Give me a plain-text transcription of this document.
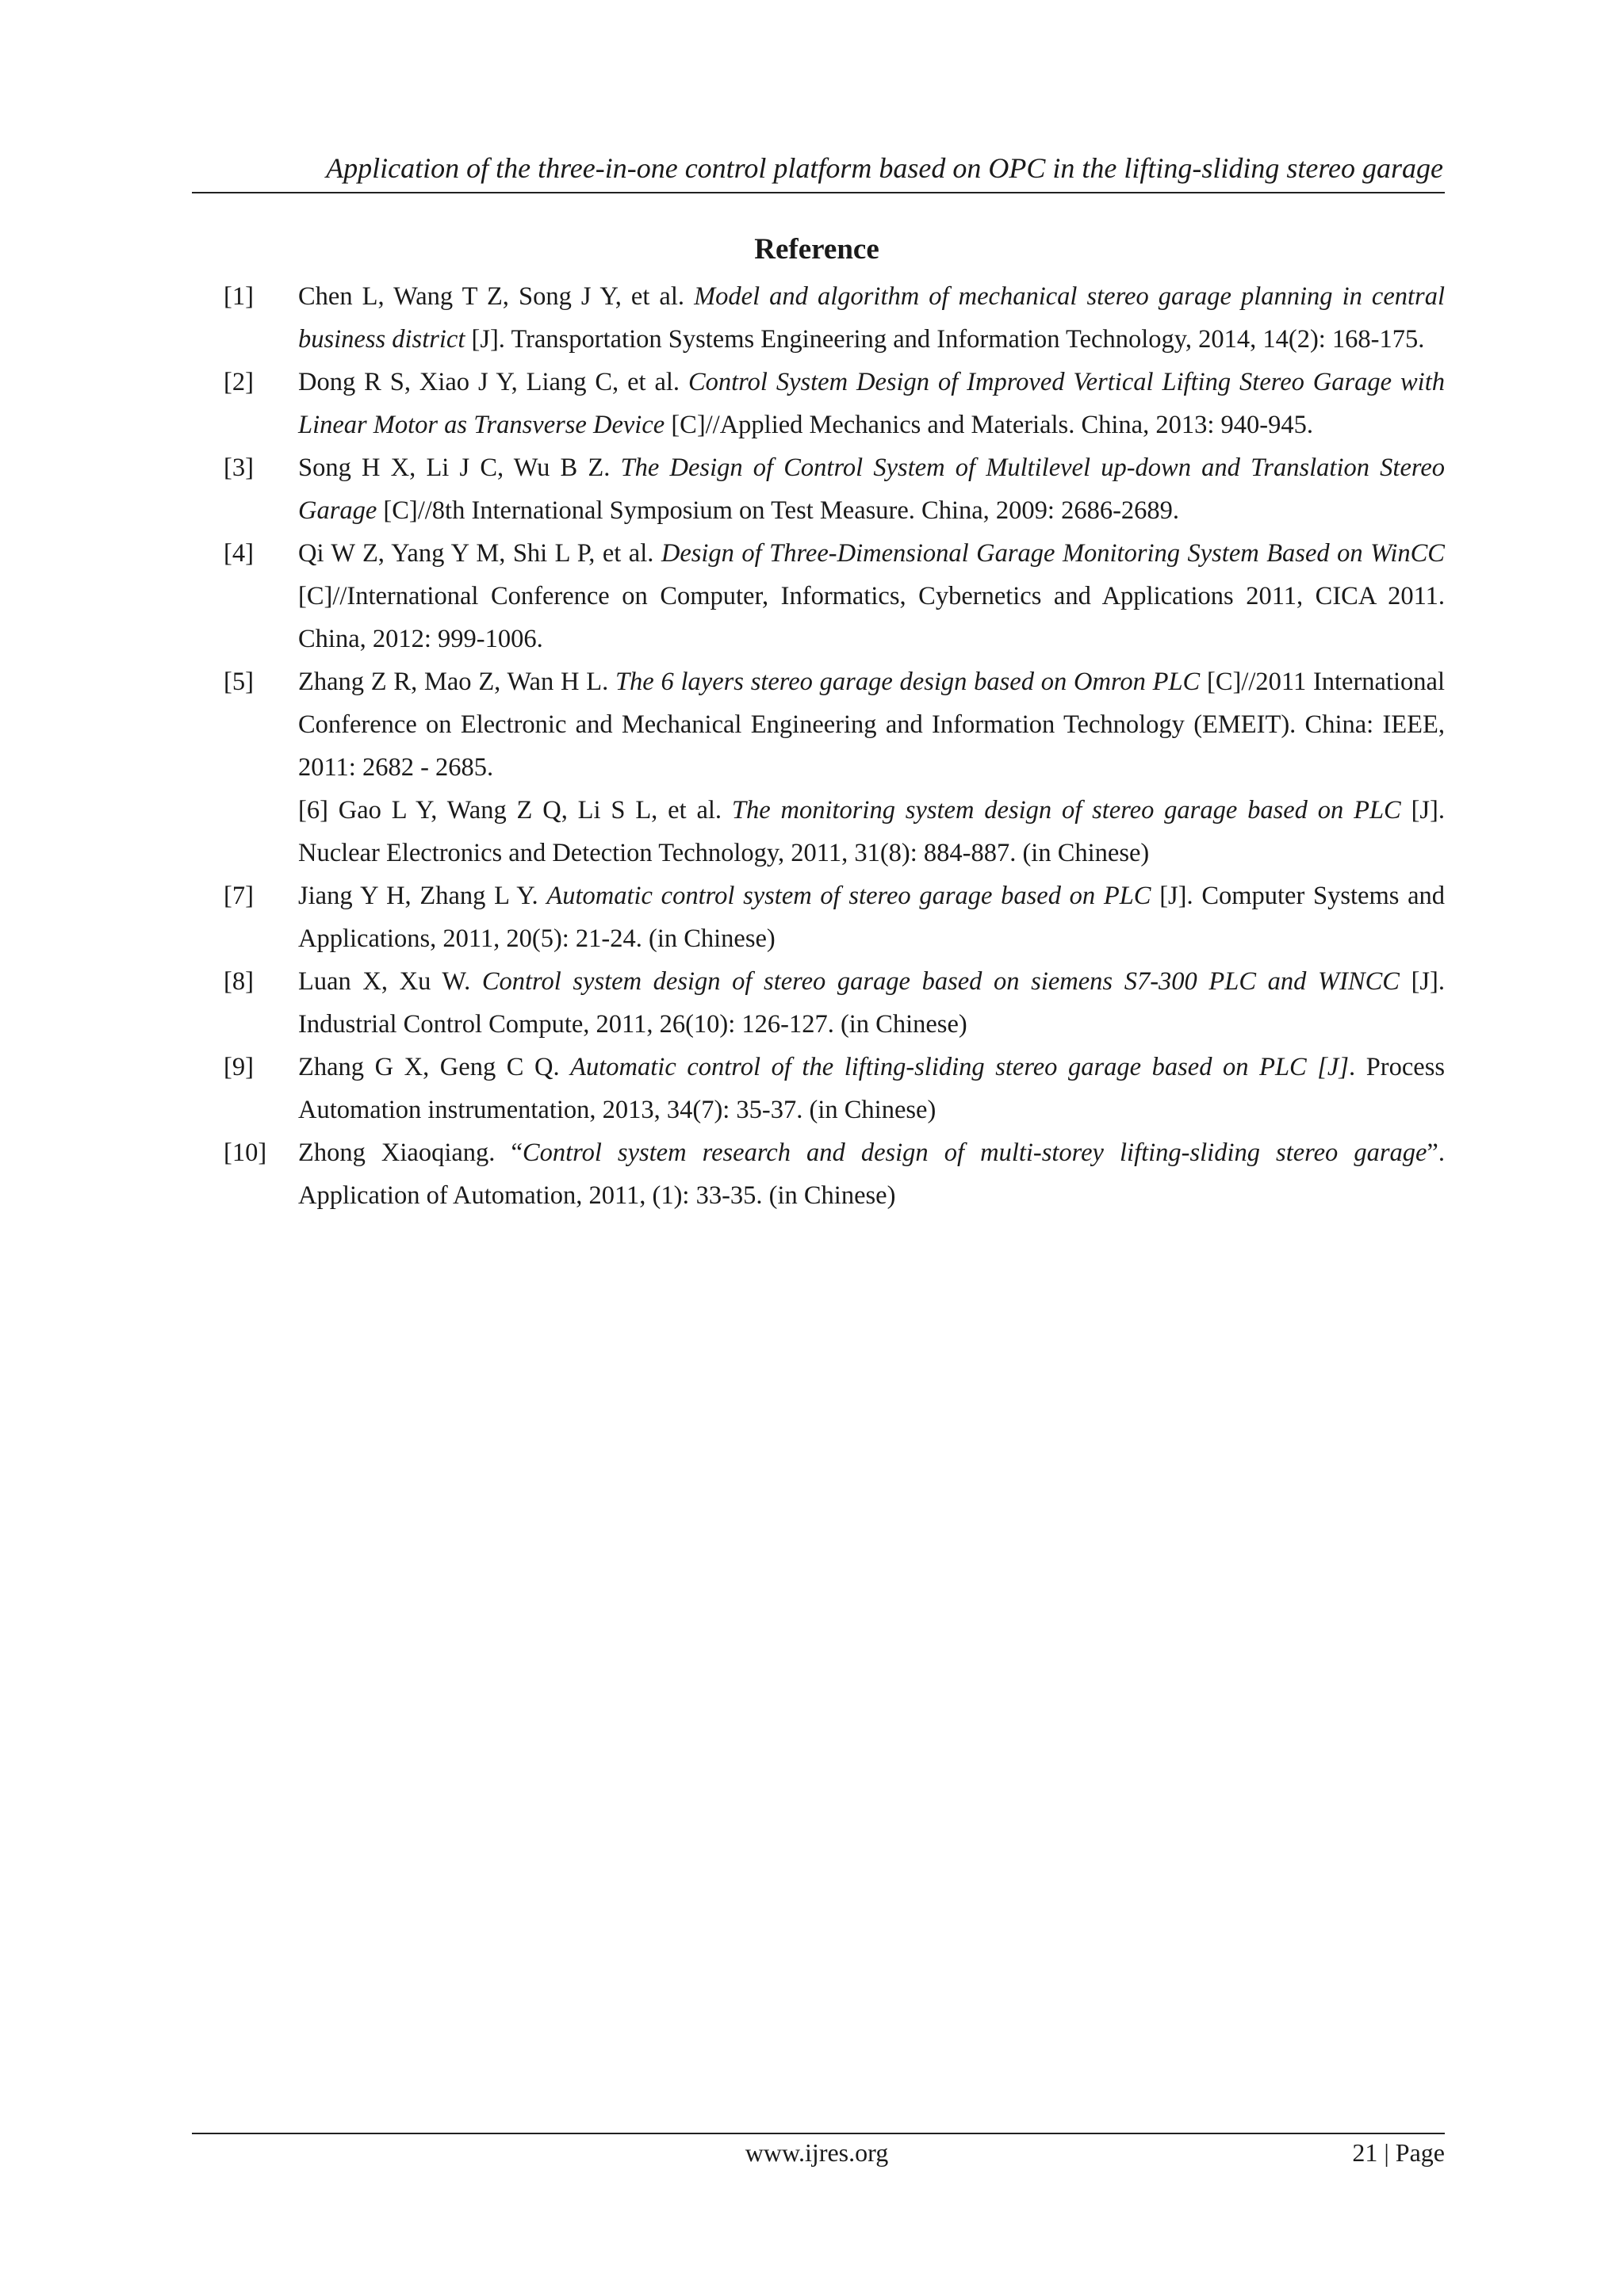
Application of the three-in-one control platform based on OPC in the lifting-sliding stereo garage
Reference
[1] Chen L, Wang T Z, Song J Y, et al. Model and algorithm of mechanical stereo garage planning in central business district [J]. Transportation Systems Engineering and Information Technology, 2014, 14(2): 168-175.
[2] Dong R S, Xiao J Y, Liang C, et al. Control System Design of Improved Vertical Lifting Stereo Garage with Linear Motor as Transverse Device [C]//Applied Mechanics and Materials. China, 2013: 940-945.
[3] Song H X, Li J C, Wu B Z. The Design of Control System of Multilevel up-down and Translation Stereo Garage [C]//8th International Symposium on Test Measure. China, 2009: 2686-2689.
[4] Qi W Z, Yang Y M, Shi L P, et al. Design of Three-Dimensional Garage Monitoring System Based on WinCC [C]//International Conference on Computer, Informatics, Cybernetics and Applications 2011, CICA 2011. China, 2012: 999-1006.
[5] Zhang Z R, Mao Z, Wan H L. The 6 layers stereo garage design based on Omron PLC [C]//2011 International Conference on Electronic and Mechanical Engineering and Information Technology (EMEIT). China: IEEE, 2011: 2682 - 2685.
[6] Gao L Y, Wang Z Q, Li S L, et al. The monitoring system design of stereo garage based on PLC [J]. Nuclear Electronics and Detection Technology, 2011, 31(8): 884-887. (in Chinese)
[7] Jiang Y H, Zhang L Y. Automatic control system of stereo garage based on PLC [J]. Computer Systems and Applications, 2011, 20(5): 21-24. (in Chinese)
[8] Luan X, Xu W. Control system design of stereo garage based on siemens S7-300 PLC and WINCC [J]. Industrial Control Compute, 2011, 26(10): 126-127. (in Chinese)
[9] Zhang G X, Geng C Q. Automatic control of the lifting-sliding stereo garage based on PLC [J]. Process Automation instrumentation, 2013, 34(7): 35-37. (in Chinese)
[10] Zhong Xiaoqiang. “Control system research and design of multi-storey lifting-sliding stereo garage”. Application of Automation, 2011, (1): 33-35. (in Chinese)
www.ijres.org	21 | Page
